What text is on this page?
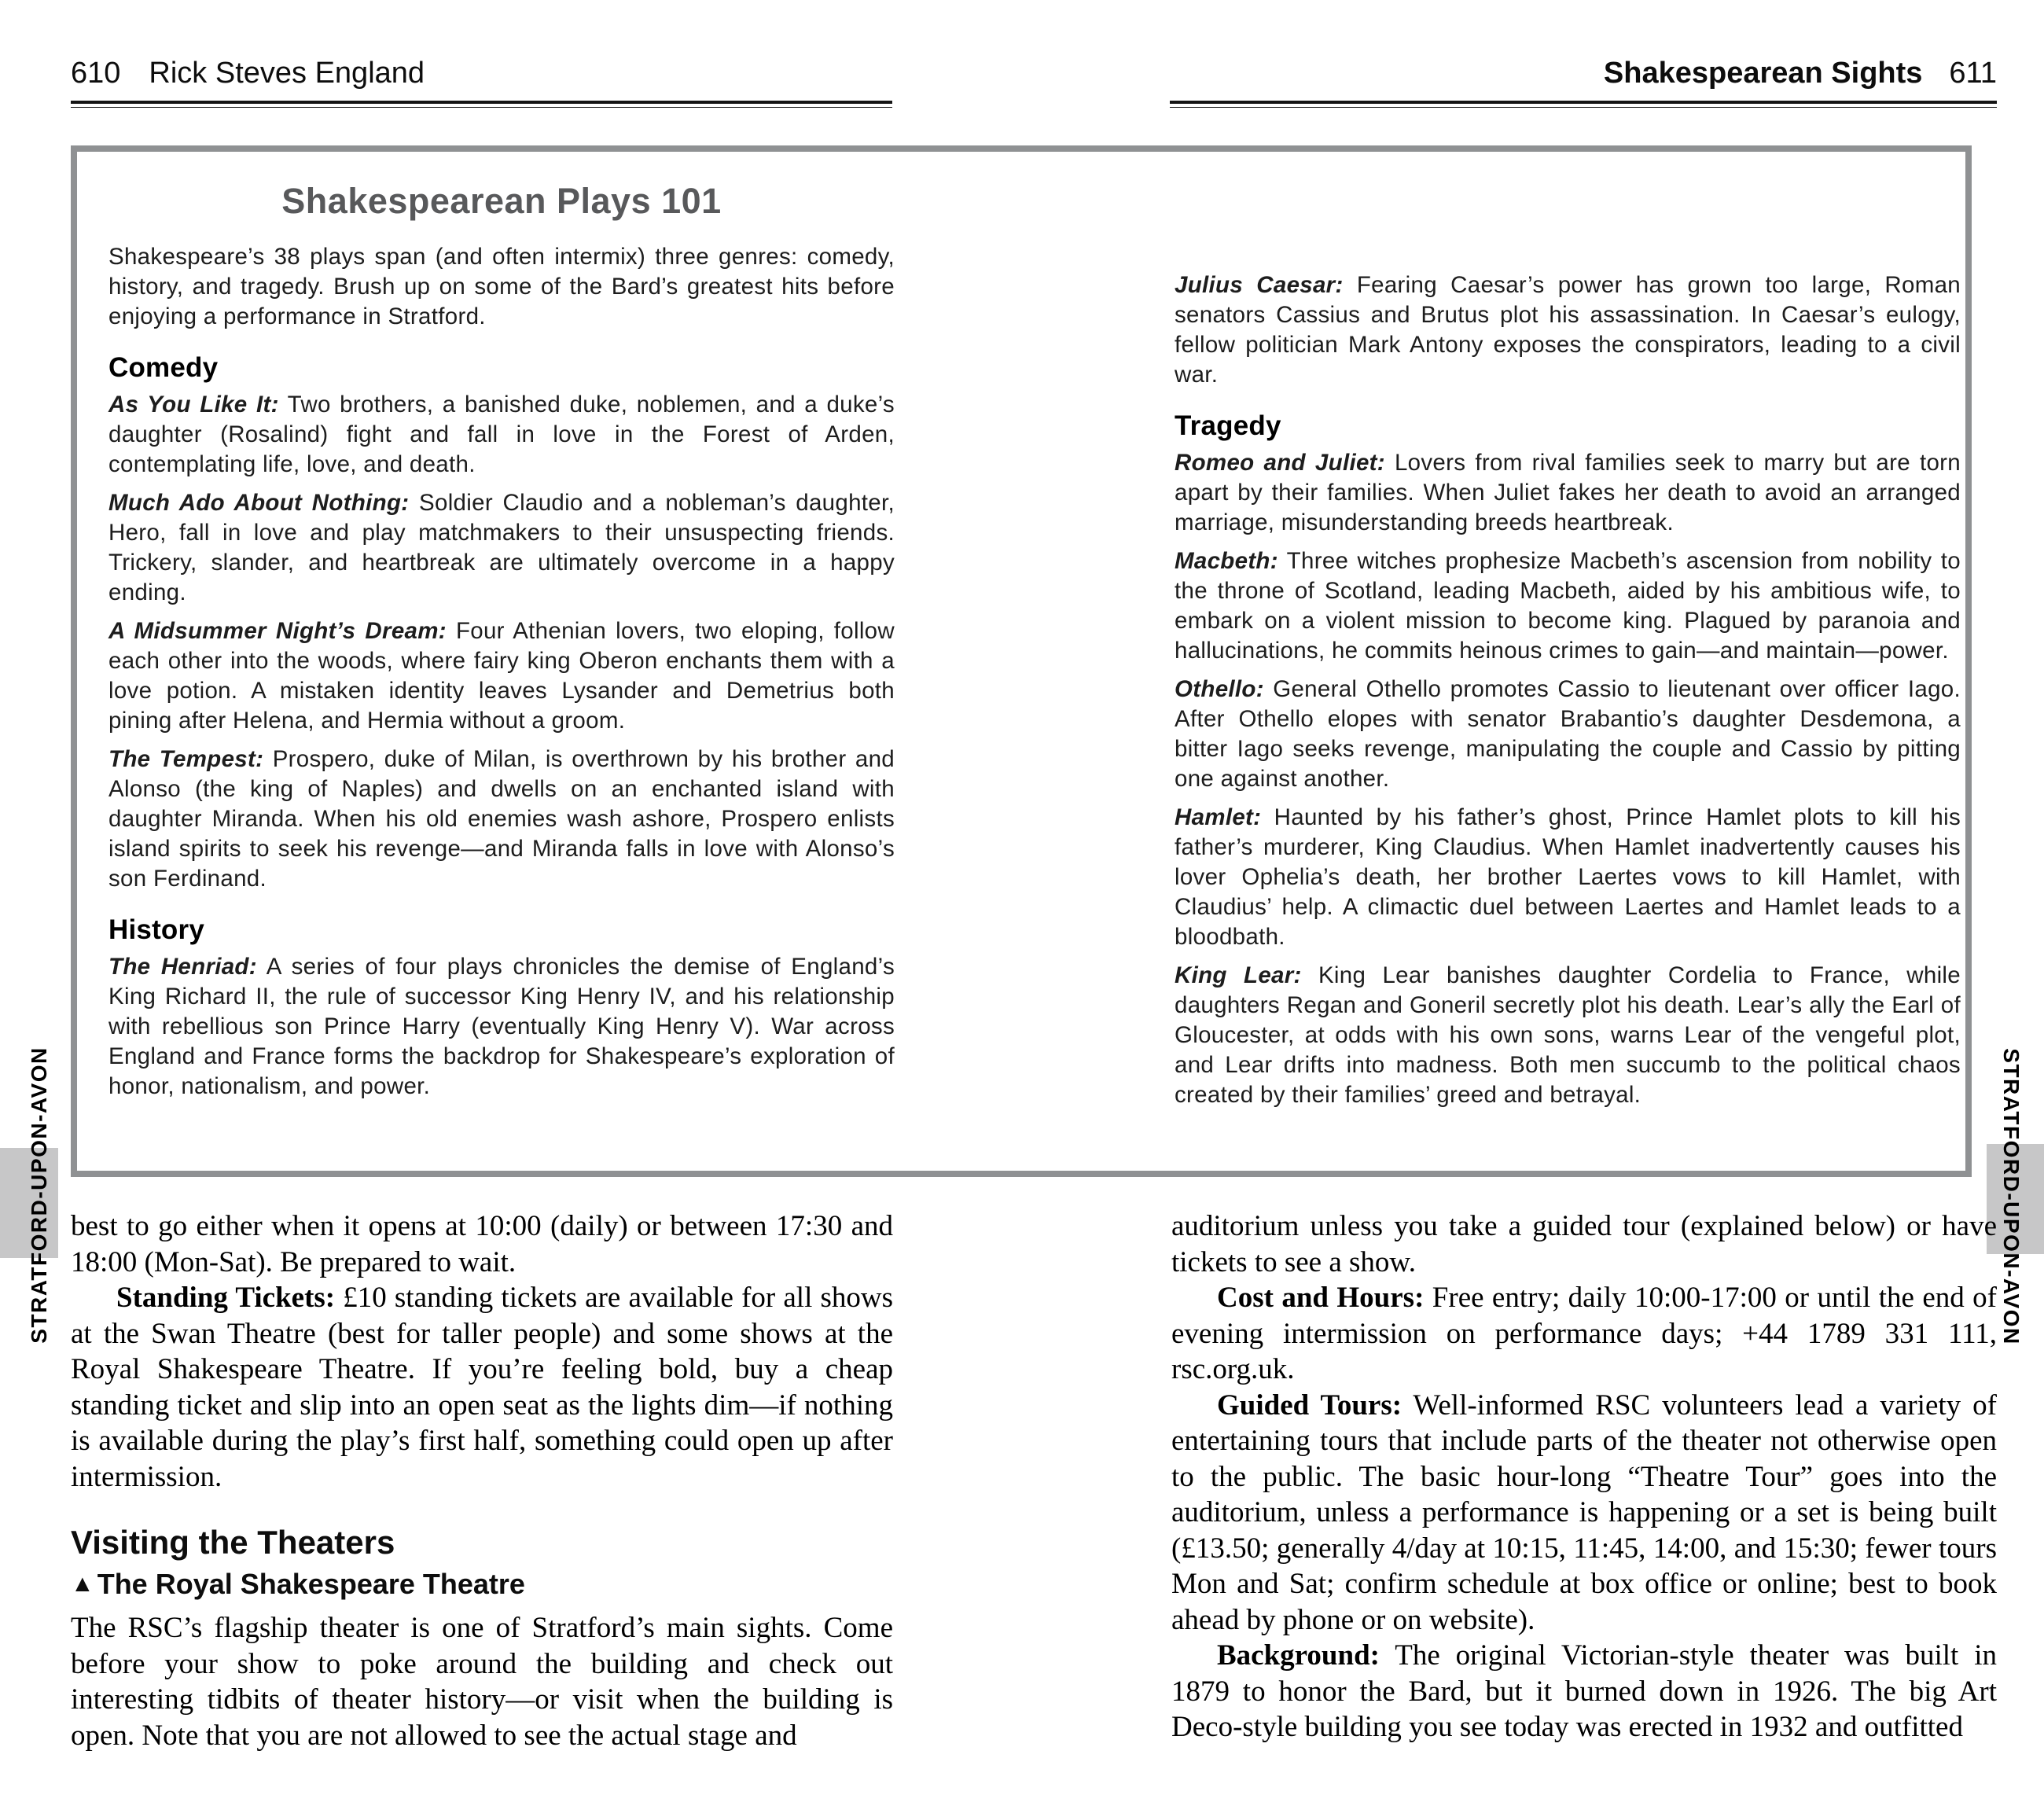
610 Rick Steves England	Shakespearean Sights 611
STRATFORD-UPON-AVON	STRATFORD-UPON-AVON
Shakespearean Plays 101

Shakespeare’s 38 plays span (and often intermix) three genres: comedy, history, and tragedy. Brush up on some of the Bard’s greatest hits before enjoying a performance in Stratford.

Comedy

As You Like It: Two brothers, a banished duke, noblemen, and a duke’s daughter (Rosalind) fight and fall in love in the Forest of Arden, contemplating life, love, and death.

Much Ado About Nothing: Soldier Claudio and a nobleman’s daughter, Hero, fall in love and play matchmakers to their unsuspecting friends. Trickery, slander, and heartbreak are ultimately overcome in a happy ending.

A Midsummer Night’s Dream: Four Athenian lovers, two eloping, follow each other into the woods, where fairy king Oberon enchants them with a love potion. A mistaken identity leaves Lysander and Demetrius both pining after Helena, and Hermia without a groom.

The Tempest: Prospero, duke of Milan, is overthrown by his brother and Alonso (the king of Naples) and dwells on an enchanted island with daughter Miranda. When his old enemies wash ashore, Prospero enlists island spirits to seek his revenge—and Miranda falls in love with Alonso’s son Ferdinand.

History

The Henriad: A series of four plays chronicles the demise of England’s King Richard II, the rule of successor King Henry IV, and his relationship with rebellious son Prince Harry (eventually King Henry V). War across England and France forms the backdrop for Shakespeare’s exploration of honor, nationalism, and power.

Julius Caesar: Fearing Caesar’s power has grown too large, Roman senators Cassius and Brutus plot his assassination. In Caesar’s eulogy, fellow politician Mark Antony exposes the conspirators, leading to a civil war.

Tragedy

Romeo and Juliet: Lovers from rival families seek to marry but are torn apart by their families. When Juliet fakes her death to avoid an arranged marriage, misunderstanding breeds heartbreak.

Macbeth: Three witches prophesize Macbeth’s ascension from nobility to the throne of Scotland, leading Macbeth, aided by his ambitious wife, to embark on a violent mission to become king. Plagued by paranoia and hallucinations, he commits heinous crimes to gain—and maintain—power.

Othello: General Othello promotes Cassio to lieutenant over officer Iago. After Othello elopes with senator Brabantio’s daughter Desdemona, a bitter Iago seeks revenge, manipulating the couple and Cassio by pitting one against another.

Hamlet: Haunted by his father’s ghost, Prince Hamlet plots to kill his father’s murderer, King Claudius. When Hamlet inadvertently causes his lover Ophelia’s death, her brother Laertes vows to kill Hamlet, with Claudius’ help. A climactic duel between Laertes and Hamlet leads to a bloodbath.

King Lear: King Lear banishes daughter Cordelia to France, while daughters Regan and Goneril secretly plot his death. Lear’s ally the Earl of Gloucester, at odds with his own sons, warns Lear of the vengeful plot, and Lear drifts into madness. Both men succumb to the political chaos created by their families’ greed and betrayal.

best to go either when it opens at 10:00 (daily) or between 17:30 and 18:00 (Mon-Sat). Be prepared to wait.

Standing Tickets: £10 standing tickets are available for all shows at the Swan Theatre (best for taller people) and some shows at the Royal Shakespeare Theatre. If you’re feeling bold, buy a cheap standing ticket and slip into an open seat as the lights dim—if nothing is available during the play’s first half, something could open up after intermission.

Visiting the Theaters
▲ The Royal Shakespeare Theatre

The RSC’s flagship theater is one of Stratford’s main sights. Come before your show to poke around the building and check out interesting tidbits of theater history—or visit when the building is open. Note that you are not allowed to see the actual stage and

auditorium unless you take a guided tour (explained below) or have tickets to see a show.

Cost and Hours: Free entry; daily 10:00-17:00 or until the end of evening intermission on performance days; +44 1789 331 111, rsc.org.uk.

Guided Tours: Well-informed RSC volunteers lead a variety of entertaining tours that include parts of the theater not otherwise open to the public. The basic hour-long “Theatre Tour” goes into the auditorium, unless a performance is happening or a set is being built (£13.50; generally 4/day at 10:15, 11:45, 14:00, and 15:30; fewer tours Mon and Sat; confirm schedule at box office or online; best to book ahead by phone or on website).

Background: The original Victorian-style theater was built in 1879 to honor the Bard, but it burned down in 1926. The big Art Deco-style building you see today was erected in 1932 and outfitted
